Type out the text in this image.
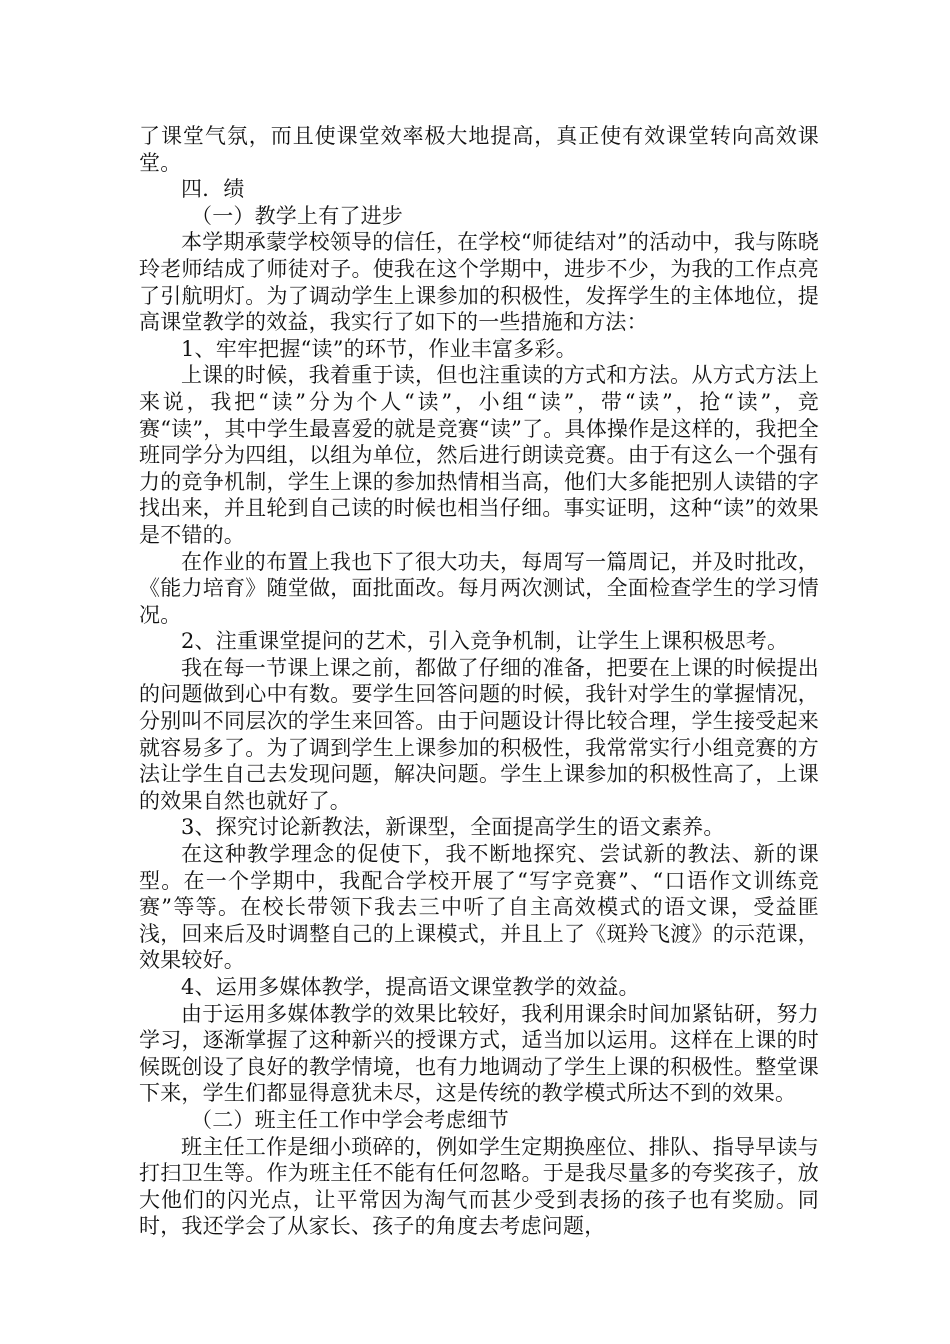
了课堂气氛，而且使课堂效率极大地提高，真正使有效课堂转向高效课堂。

四．绩

（一）教学上有了进步

本学期承蒙学校领导的信任，在学校“师徒结对”的活动中，我与陈晓玲老师结成了师徒对子。使我在这个学期中，进步不少，为我的工作点亮了引航明灯。为了调动学生上课参加的积极性，发挥学生的主体地位，提高课堂教学的效益，我实行了如下的一些措施和方法：

1、牢牢把握“读”的环节，作业丰富多彩。

上课的时候，我着重于读，但也注重读的方式和方法。从方式方法上来说，我把“读”分为个人“读”，小组“读”，带“读”，抢“读”，竞赛“读”，其中学生最喜爱的就是竞赛“读”了。具体操作是这样的，我把全班同学分为四组，以组为单位，然后进行朗读竞赛。由于有这么一个强有力的竞争机制，学生上课的参加热情相当高，他们大多能把别人读错的字找出来，并且轮到自己读的时候也相当仔细。事实证明，这种“读”的效果是不错的。

在作业的布置上我也下了很大功夫，每周写一篇周记，并及时批改，《能力培育》随堂做，面批面改。每月两次测试，全面检查学生的学习情况。

2、注重课堂提问的艺术，引入竞争机制，让学生上课积极思考。

我在每一节课上课之前，都做了仔细的准备，把要在上课的时候提出的问题做到心中有数。要学生回答问题的时候，我针对学生的掌握情况，分别叫不同层次的学生来回答。由于问题设计得比较合理，学生接受起来就容易多了。为了调到学生上课参加的积极性，我常常实行小组竞赛的方法让学生自己去发现问题，解决问题。学生上课参加的积极性高了，上课的效果自然也就好了。

3、探究讨论新教法，新课型，全面提高学生的语文素养。

在这种教学理念的促使下，我不断地探究、尝试新的教法、新的课型。在一个学期中，我配合学校开展了“写字竞赛”、“口语作文训练竞赛”等等。在校长带领下我去三中听了自主高效模式的语文课，受益匪浅，回来后及时调整自己的上课模式，并且上了《斑羚飞渡》的示范课，效果较好。

4、运用多媒体教学，提高语文课堂教学的效益。

由于运用多媒体教学的效果比较好，我利用课余时间加紧钻研，努力学习，逐渐掌握了这种新兴的授课方式，适当加以运用。这样在上课的时候既创设了良好的教学情境，也有力地调动了学生上课的积极性。整堂课下来，学生们都显得意犹未尽，这是传统的教学模式所达不到的效果。

（二）班主任工作中学会考虑细节

班主任工作是细小琐碎的，例如学生定期换座位、排队、指导早读与打扫卫生等。作为班主任不能有任何忽略。于是我尽量多的夸奖孩子，放大他们的闪光点，让平常因为淘气而甚少受到表扬的孩子也有奖励。同时，我还学会了从家长、孩子的角度去考虑问题，
